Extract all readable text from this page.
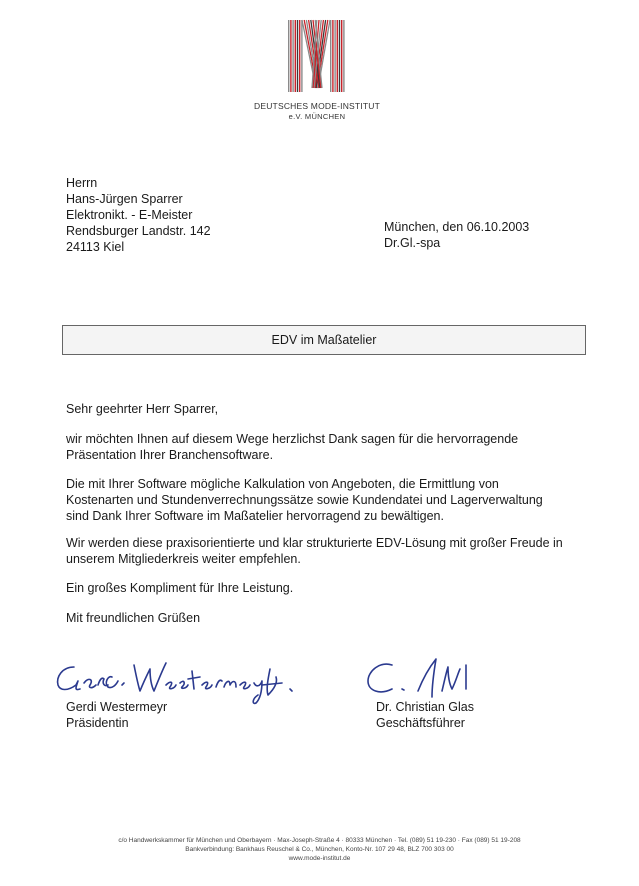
DEUTSCHES MODE-INSTITUT
e.V. MÜNCHEN
Herrn
Hans-Jürgen Sparrer
Elektronikt. - E-Meister
Rendsburger Landstr. 142
24113 Kiel
München, den 06.10.2003
Dr.Gl.-spa
EDV im Maßatelier

Sehr geehrter Herr Sparrer,

wir möchten Ihnen auf diesem Wege herzlichst Dank sagen für die hervorragende Präsentation Ihrer Branchensoftware.

Die mit Ihrer Software mögliche Kalkulation von Angeboten, die Ermittlung von Kostenarten und Stundenverrechnungssätze sowie Kundendatei und Lagerverwaltung sind Dank Ihrer Software im Maßatelier hervorragend zu bewältigen.

Wir werden diese praxisorientierte und klar strukturierte EDV-Lösung mit großer Freude in unserem Mitgliederkreis weiter empfehlen.

Ein großes Kompliment für Ihre Leistung.

Mit freundlichen Grüßen

Gerdi Westermeyr
Präsidentin
Dr. Christian Glas
Geschäftsführer
c/o Handwerkskammer für München und Oberbayern · Max-Joseph-Straße 4 · 80333 München · Tel. (089) 51 19-230 · Fax (089) 51 19-208
Bankverbindung: Bankhaus Reuschel & Co., München, Konto-Nr. 107 29 48, BLZ 700 303 00
www.mode-institut.de
